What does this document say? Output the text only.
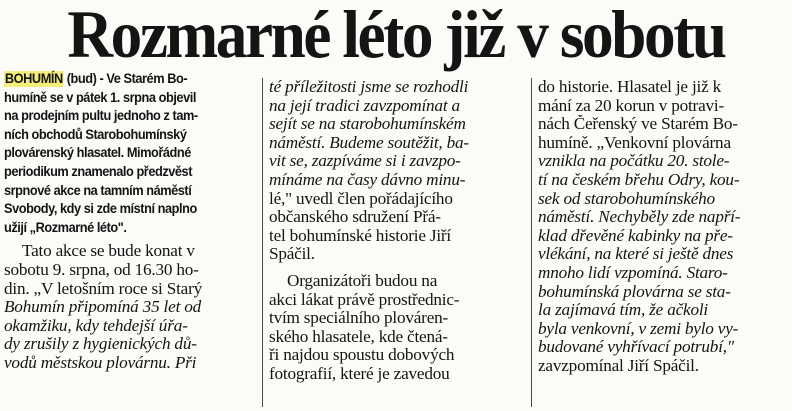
Rozmarné léto již v sobotu
BOHUMÍN (bud) - Ve Starém Bo-
humíně se v pátek 1. srpna objevil
na prodejním pultu jednoho z tam-
ních obchodů Starobohumínský
plovárenský hlasatel. Mimořádné
periodikum znamenalo předzvěst
srpnové akce na tamním náměstí
Svobody, kdy si zde místní naplno
užijí „Rozmarné léto".
Tato akce se bude konat v
sobotu 9. srpna, od 16.30 ho-
din. „V letošním roce si Starý
Bohumín připomíná 35 let od
okamžiku, kdy tehdejší úřa-
dy zrušily z hygienických dů-
vodů městskou plovárnu. Při
té příležitosti jsme se rozhodli
na její tradici zavzpomínat a
sejít se na starobohumínském
náměstí. Budeme soutěžit, ba-
vit se, zazpíváme si i zavzpo-
mínáme na časy dávno minu-
lé," uvedl člen pořádajícího
občanského sdružení Přá-
tel bohumínské historie Jiří
Spáčil.
Organizátoři budou na
akci lákat právě prostřednic-
tvím speciálního plováren-
ského hlasatele, kde čtená-
ři najdou spoustu dobových
fotografií, které je zavedou
do historie. Hlasatel je již k
mání za 20 korun v potravi-
nách Čeřenský ve Starém Bo-
humíně. „Venkovní plovárna
vznikla na počátku 20. stole-
tí na českém břehu Odry, kou-
sek od starobohumínského
náměstí. Nechyběly zde napří-
klad dřevěné kabinky na pře-
vlékání, na které si ještě dnes
mnoho lidí vzpomíná. Staro-
bohumínská plovárna se sta-
la zajímavá tím, že ačkoli
byla venkovní, v zemi bylo vy-
budované vyhřívací potrubí,"
zavzpomínal Jiří Spáčil.
